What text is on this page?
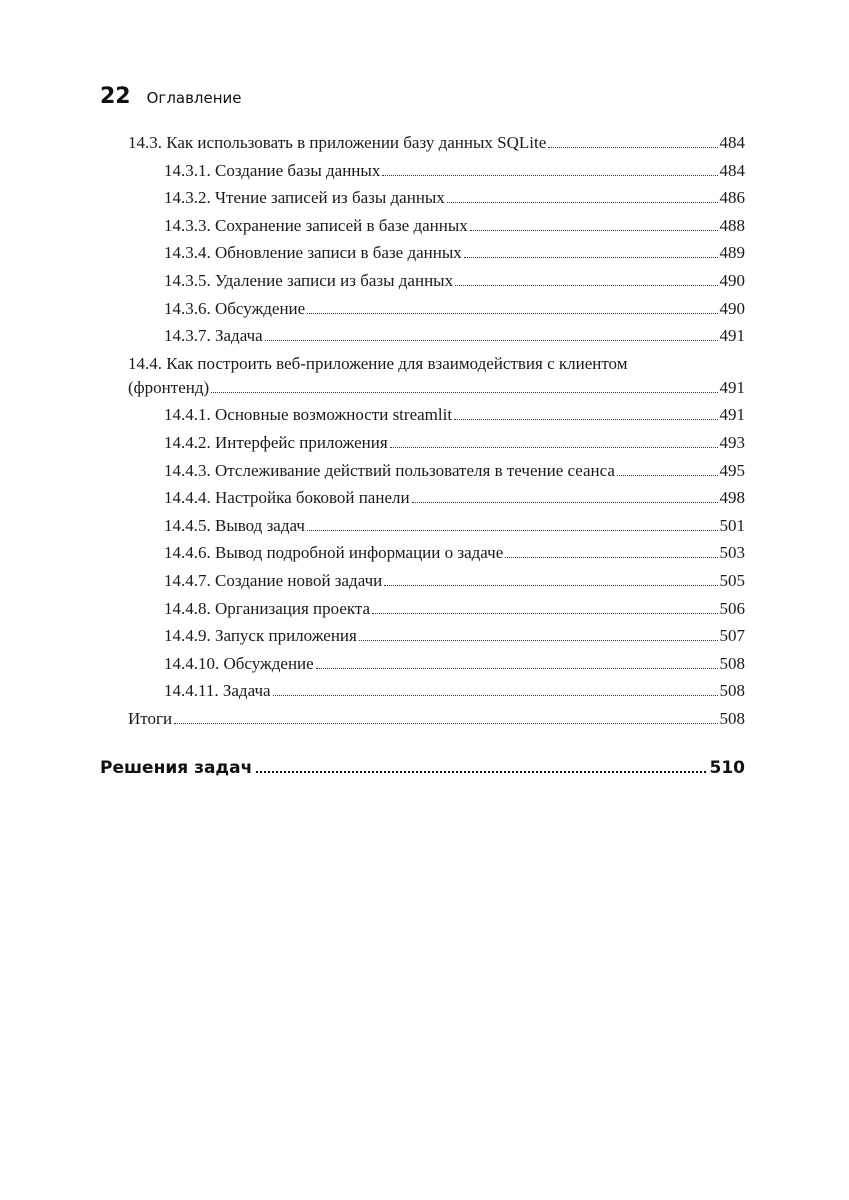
22 Оглавление
14.3. Как использовать в приложении базу данных SQLite	484
14.3.1. Создание базы данных	484
14.3.2. Чтение записей из базы данных	486
14.3.3. Сохранение записей в базе данных	488
14.3.4. Обновление записи в базе данных	489
14.3.5. Удаление записи из базы данных	490
14.3.6. Обсуждение	490
14.3.7. Задача	491
14.4. Как построить веб-приложение для взаимодействия с клиентом
(фронтенд)	491
14.4.1. Основные возможности streamlit	491
14.4.2. Интерфейс приложения	493
14.4.3. Отслеживание действий пользователя в течение сеанса	495
14.4.4. Настройка боковой панели	498
14.4.5. Вывод задач	501
14.4.6. Вывод подробной информации о задаче	503
14.4.7. Создание новой задачи	505
14.4.8. Организация проекта	506
14.4.9. Запуск приложения	507
14.4.10. Обсуждение	508
14.4.11. Задача	508
Итоги	508
Решения задач	510
